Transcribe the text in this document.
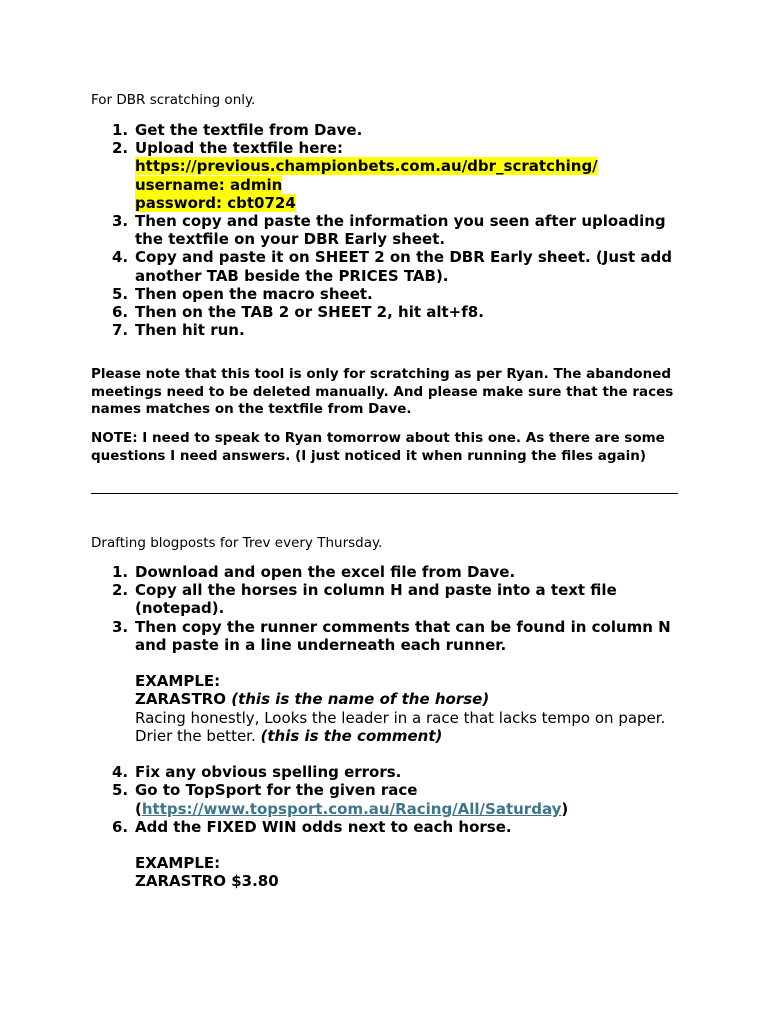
For DBR scratching only.
1. Get the textfile from Dave.
2. Upload the textfile here:
https://previous.championbets.com.au/dbr_scratching/
username: admin
password: cbt0724
3. Then copy and paste the information you seen after uploading the textfile on your DBR Early sheet.
4. Copy and paste it on SHEET 2 on the DBR Early sheet. (Just add another TAB beside the PRICES TAB).
5. Then open the macro sheet.
6. Then on the TAB 2 or SHEET 2, hit alt+f8.
7. Then hit run.
Please note that this tool is only for scratching as per Ryan. The abandoned meetings need to be deleted manually. And please make sure that the races names matches on the textfile from Dave.
NOTE: I need to speak to Ryan tomorrow about this one. As there are some questions I need answers. (I just noticed it when running the files again)
Drafting blogposts for Trev every Thursday.
1. Download and open the excel file from Dave.
2. Copy all the horses in column H and paste into a text file (notepad).
3. Then copy the runner comments that can be found in column N and paste in a line underneath each runner.
EXAMPLE:
ZARASTRO (this is the name of the horse)
Racing honestly, Looks the leader in a race that lacks tempo on paper. Drier the better. (this is the comment)
4. Fix any obvious spelling errors.
5. Go to TopSport for the given race
(https://www.topsport.com.au/Racing/All/Saturday)
6. Add the FIXED WIN odds next to each horse.
EXAMPLE:
ZARASTRO $3.80
